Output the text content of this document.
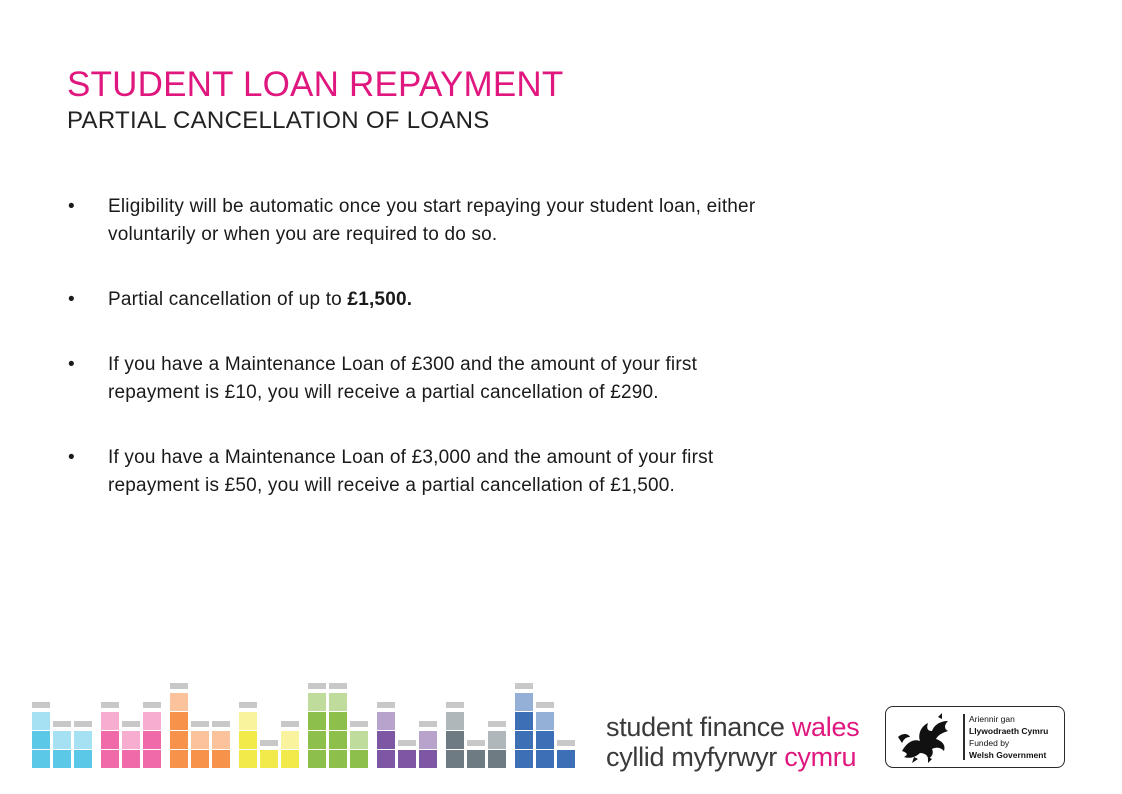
STUDENT LOAN REPAYMENT
PARTIAL CANCELLATION OF LOANS
• Eligibility will be automatic once you start repaying your student loan, either
voluntarily or when you are required to do so.
• Partial cancellation of up to £1,500.
• If you have a Maintenance Loan of £300 and the amount of your first
repayment is £10, you will receive a partial cancellation of £290.
• If you have a Maintenance Loan of £3,000 and the amount of your first
repayment is £50, you will receive a partial cancellation of £1,500.
student finance wales
cyllid myfyrwyr cymru
Ariennir gan
Llywodraeth Cymru
Funded by
Welsh Government
